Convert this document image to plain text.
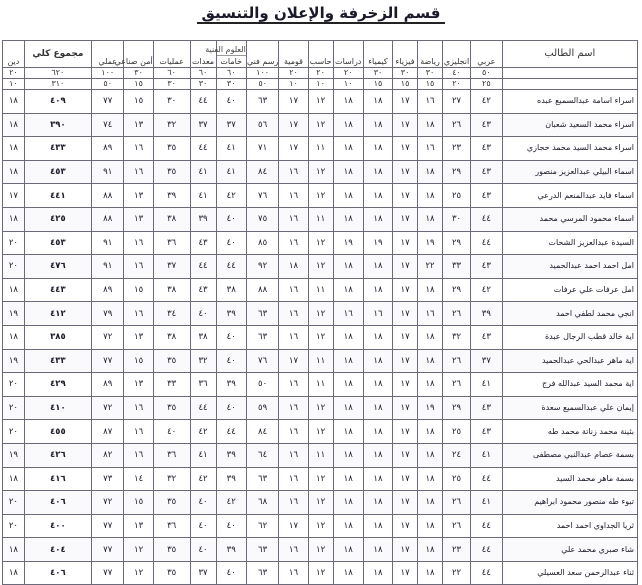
قسم الزخرفة والإعلان والتنسيق
اسم الطالب	عربي	انجليزي	رياضة	فيزياء	كيمياء	دراسات	حاسب	قومية	رسم فني	العلوم الفنية
خامات	معدات	عمليات	أمن صناعي	عملي	مجموع كلي	دين
	٥٠	٤٠	٣٠	٣٠	٣٠	٢٠	٢٠	٢٠	١٠٠	٦٠	٦٠	٦٠	٣٠	١٠٠	٦٢٠	٢٠
	٢٥	٢٠	١٥	١٥	١٥	١٠	١٠	١٠	٥٠	٣٠	٣٠	٣٠	١٥	٥٠	٣١٠	١٠
اسراء اسامة عبدالسميع عبده	٤٢	٢٧	١٦	١٧	١٨	١٨	١٢	١٧	٦٣	٤٠	٤٤	٣٠	١٥	٧٧	٤٠٩	١٨
اسراء محمد السعيد شعبان	٤٣	٢٦	١٨	١٧	١٨	١٨	١٢	١٧	٥٦	٣٧	٣٧	٣٢	١٣	٧٤	٣٩٠	١٨
اسراء محمد السيد محمد حجازي	٤٣	٢٣	١٦	١٧	١٨	١٨	١١	١٧	٧١	٤١	٤٤	٣٥	١٦	٨٩	٤٣٣	١٨
اسماء البيلي عبدالعزيز منصور	٤٣	٢٩	١٨	١٧	١٨	١٨	١٢	١٦	٨٤	٤١	٤١	٣٥	١٦	٩١	٤٥٣	١٨
اسماء فايد عبدالمنعم الدرعي	٤٣	٢٥	١٨	١٧	١٨	١٨	١٢	١٦	٧٦	٤٢	٤١	٣٩	١٣	٨٨	٤٤١	١٧
اسماء محمود المرسي محمد	٤٤	٣٠	١٨	١٧	١٨	١٨	١١	١٦	٧٥	٤٠	٣٩	٣٨	١٣	٨٨	٤٢٥	١٨
السيدة عبدالعزيز الشحات	٤٤	٢٩	١٩	١٧	١٩	١٩	١٢	١٦	٨٥	٤٠	٤٣	٣٦	١٦	٩١	٤٥٣	٢٠
امل احمد احمد عبدالحميد	٤٣	٣٣	٢٢	١٧	١٨	١٨	١٢	١٨	٩٢	٤٤	٤٤	٣٧	١٦	٩١	٤٧٦	٢٠
امل عرفات علي عرفات	٤٢	٢٩	١٨	١٧	١٨	١٨	١١	١٦	٨٨	٣٨	٤٣	٣٨	١٥	٨٩	٤٤٣	١٨
انجي محمد لطفي احمد	٣٩	٢٦	١٦	١٧	١٦	١٦	١٢	١٦	٦٣	٣٩	٤٠	٣٤	١٦	٧٩	٤١٢	١٩
اية خالد قطب الرجال عبدة	٤٣	٣٢	١٨	١٧	١٨	١٨	١٢	١٦	٦٣	٤٠	٣٨	٣٨	١٣	٧٢	٣٨٥	١٨
اية ماهر عبدالحي عبدالحميد	٣٧	٢٦	١٨	١٧	١٨	١٨	١١	١٧	٧٦	٤٠	٣٢	٣٥	١٥	٧٧	٤٣٣	١٩
اية محمد السيد عبدالله فرج	٤١	٢٦	١٨	١٧	١٨	١٨	١١	١٦	٥٠	٣٩	٣٦	٣٣	١٣	٨٩	٤٢٩	٢٠
إيمان علي عبدالسميع سعدة	٤٣	٢٩	١٩	١٧	١٨	١٨	١٢	١٦	٥٩	٤٠	٤٤	٣٥	١٦	٧٢	٤١٠	٢٠
بثينة محمد زناتة محمد طه	٤٣	٢٥	١٨	١٧	١٨	١٨	١٢	١٦	٨٤	٤٤	٤٢	٤٠	١٦	٨٧	٤٥٥	٢٠
بسمة عصام عبدالنبي مصطفى	٤١	٢٤	١٨	١٧	١٨	١٨	١١	١٦	٦٤	٣٩	٤١	٣٦	١٦	٨٢	٤٢٦	١٩
بسمة ماهر محمد السيد	٤٤	٢٥	١٨	١٧	١٨	١٨	١٢	١٦	٦٣	٣٩	٤٢	٣٢	١٤	٧٣	٤١٦	١٨
تبوء طه منصور محمود ابراهيم	٤١	٢٦	١٨	١٧	١٨	١٨	١٢	١٦	٦٨	٤٢	٤٠	٣٥	١٥	٧٢	٤٠٦	٢٠
ثريا الجداوي احمد احمد	٤٤	٢٦	١٨	١٧	١٨	١٨	١٢	١٧	٦٢	٤٠	٤٠	٣٦	١٣	٧٧	٤٠٠	٢٠
شاء صبري محمد علي	٤٤	٢٣	١٨	١٧	١٨	١٨	١٢	١٦	٦٣	٣٩	٤٠	٣٥	١٢	٧٧	٤٠٤	١٨
ثناء عبدالرحمن سعد العسيلي	٤٤	٢٢	١٨	١٧	١٨	١٨	١٢	١٦	٦٣	٤٠	٣٧	٣٥	١٢	٧٧	٤٠٦	١٨
